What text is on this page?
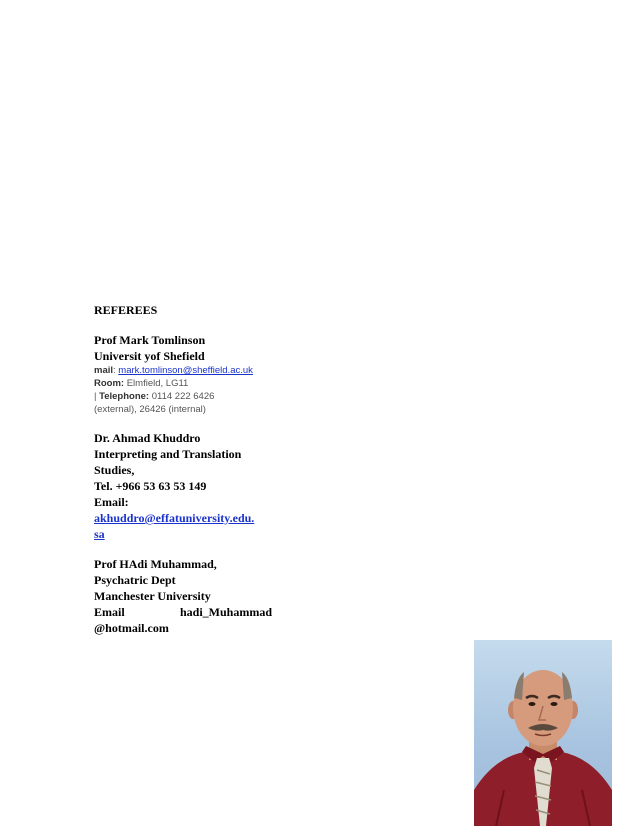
REFEREES
Prof Mark Tomlinson
Universit yof Shefield
mail: mark.tomlinson@sheffield.ac.uk
Room: Elmfield, LG11
| Telephone: 0114 222 6426
(external), 26426 (internal)
Dr. Ahmad Khuddro
Interpreting and Translation
Studies,
Tel. +966 53 63 53 149
Email:
akhuddro@effatuniversity.edu.
sa
Prof HAdi Muhammad,
Psychatric Dept
Manchester University
Email	hadi_Muhammad
@hotmail.com
